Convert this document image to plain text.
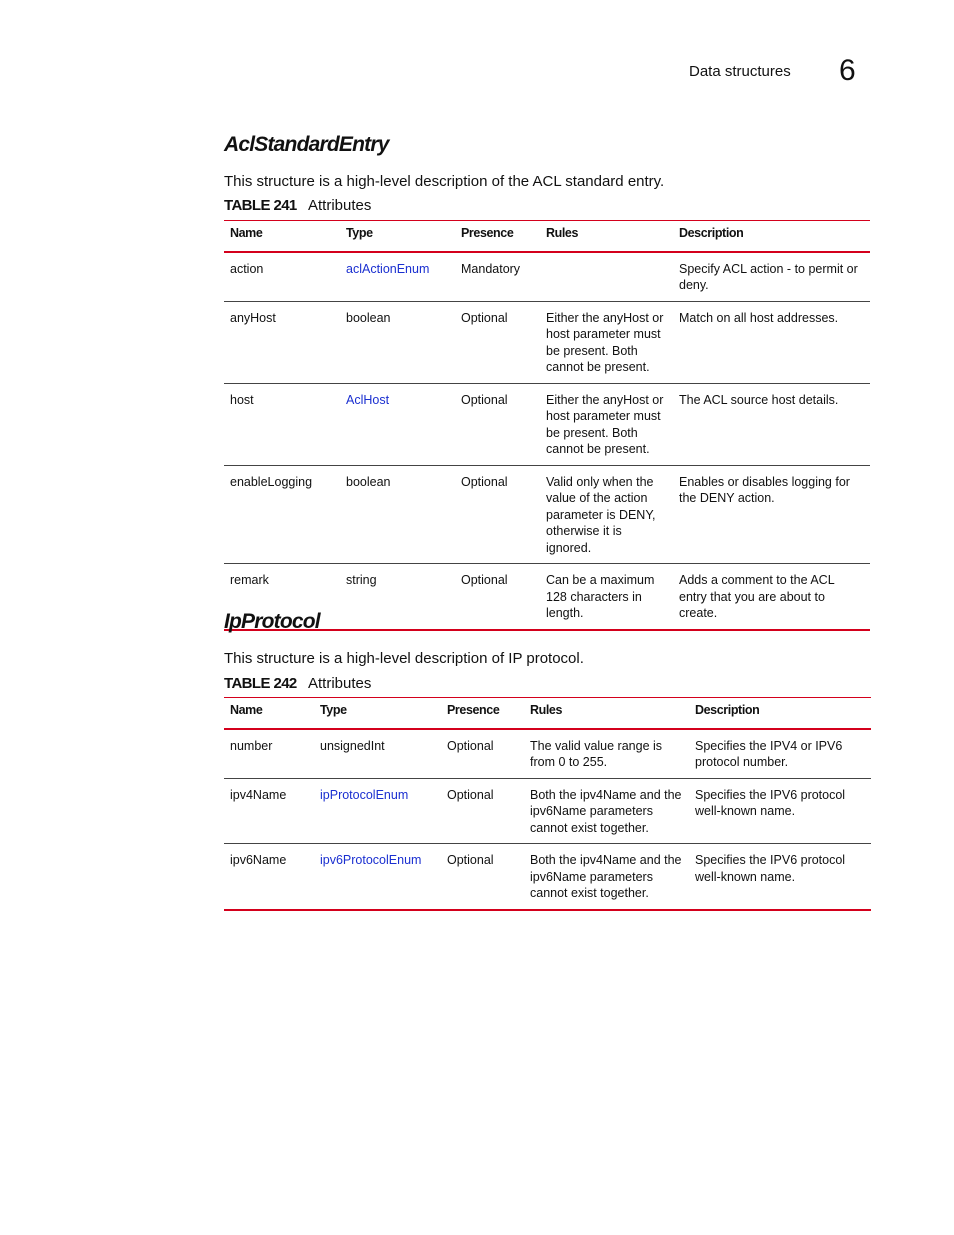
Data structures 6
AclStandardEntry
This structure is a high-level description of the ACL standard entry.
TABLE 241 Attributes
Name	Type	Presence	Rules	Description
action	aclActionEnum	Mandatory		Specify ACL action - to permit or deny.
anyHost	boolean	Optional	Either the anyHost or host parameter must be present. Both cannot be present.	Match on all host addresses.
host	AclHost	Optional	Either the anyHost or host parameter must be present. Both cannot be present.	The ACL source host details.
enableLogging	boolean	Optional	Valid only when the value of the action parameter is DENY, otherwise it is ignored.	Enables or disables logging for the DENY action.
remark	string	Optional	Can be a maximum 128 characters in length.	Adds a comment to the ACL entry that you are about to create.
IpProtocol
This structure is a high-level description of IP protocol.
TABLE 242 Attributes
Name	Type	Presence	Rules	Description
number	unsignedInt	Optional	The valid value range is from 0 to 255.	Specifies the IPV4 or IPV6 protocol number.
ipv4Name	ipProtocolEnum	Optional	Both the ipv4Name and the ipv6Name parameters cannot exist together.	Specifies the IPV6 protocol well-known name.
ipv6Name	ipv6ProtocolEnum	Optional	Both the ipv4Name and the ipv6Name parameters cannot exist together.	Specifies the IPV6 protocol well-known name.
